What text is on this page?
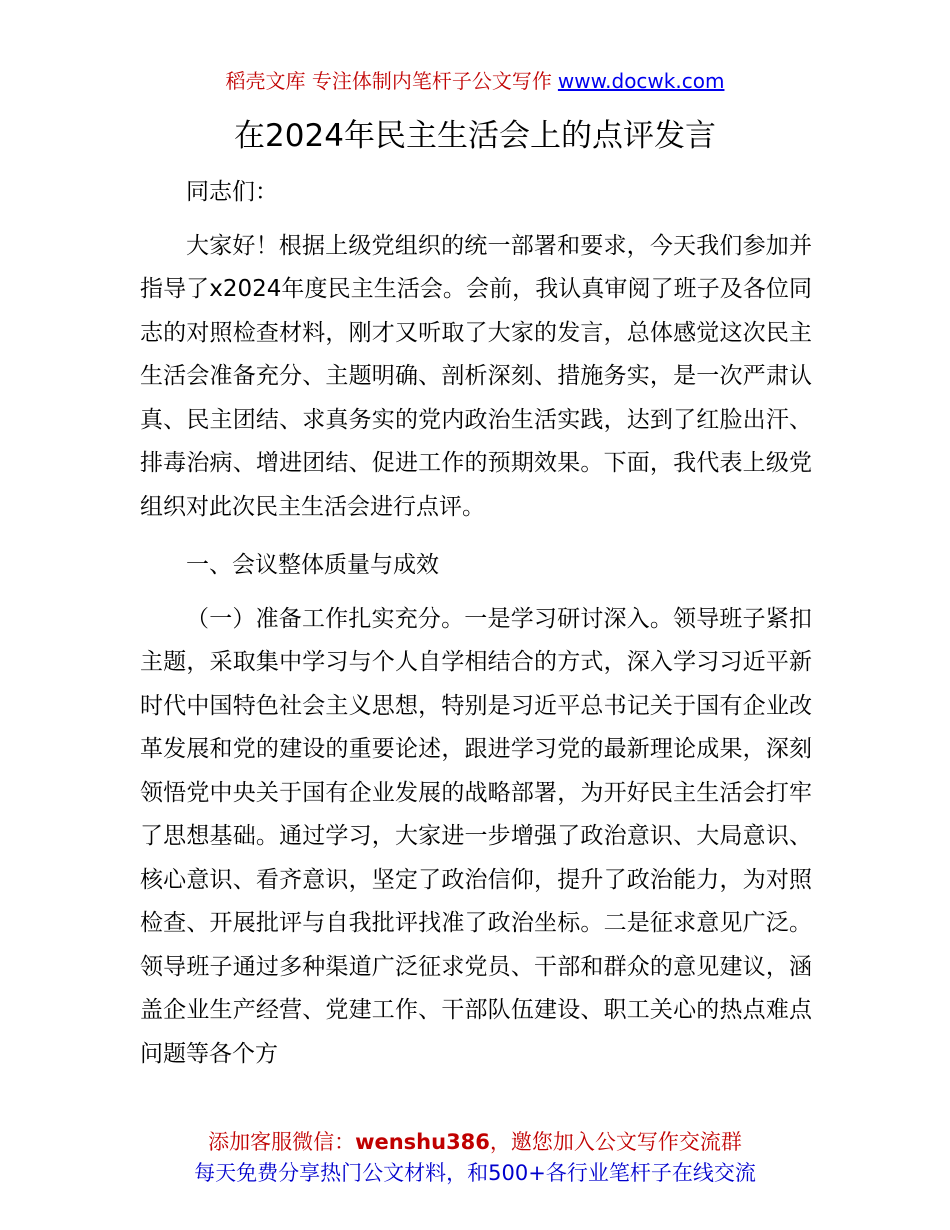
稻壳文库 专注体制内笔杆子公文写作 www.docwk.com
在2024年民主生活会上的点评发言

同志们：

大家好！根据上级党组织的统一部署和要求，今天我们参加并指导了x2024年度民主生活会。会前，我认真审阅了班子及各位同志的对照检查材料，刚才又听取了大家的发言，总体感觉这次民主生活会准备充分、主题明确、剖析深刻、措施务实，是一次严肃认真、民主团结、求真务实的党内政治生活实践，达到了红脸出汗、排毒治病、增进团结、促进工作的预期效果。下面，我代表上级党组织对此次民主生活会进行点评。

一、会议整体质量与成效

（一）准备工作扎实充分。一是学习研讨深入。领导班子紧扣主题，采取集中学习与个人自学相结合的方式，深入学习习近平新时代中国特色社会主义思想，特别是习近平总书记关于国有企业改革发展和党的建设的重要论述，跟进学习党的最新理论成果，深刻领悟党中央关于国有企业发展的战略部署，为开好民主生活会打牢了思想基础。通过学习，大家进一步增强了政治意识、大局意识、核心意识、看齐意识，坚定了政治信仰，提升了政治能力，为对照检查、开展批评与自我批评找准了政治坐标。二是征求意见广泛。领导班子通过多种渠道广泛征求党员、干部和群众的意见建议，涵盖企业生产经营、党建工作、干部队伍建设、职工关心的热点难点问题等各个方

添加客服微信：wenshu386，邀您加入公文写作交流群
每天免费分享热门公文材料，和500+各行业笔杆子在线交流
